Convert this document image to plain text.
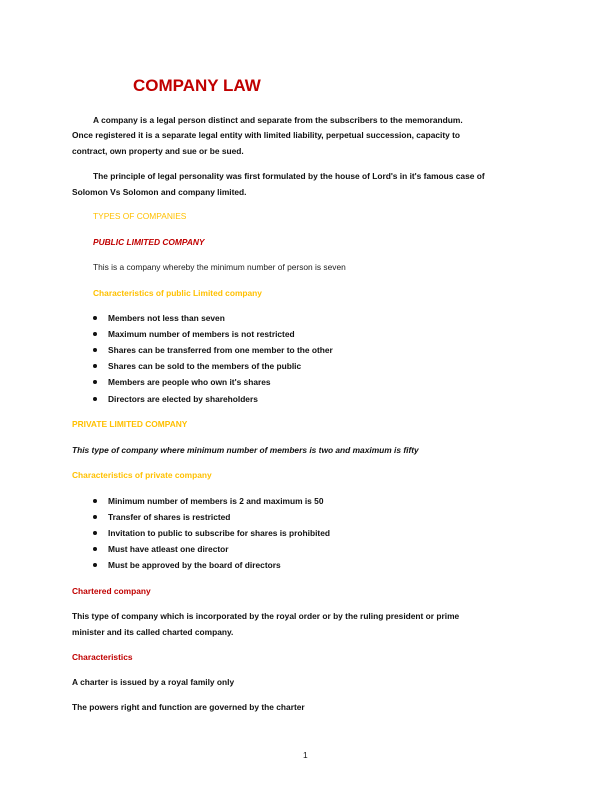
COMPANY LAW
A company is a legal person distinct and separate from the subscribers to the memorandum.
Once registered it is a separate legal entity with limited liability, perpetual succession, capacity to
contract, own property and sue or be sued.
The principle of legal personality was first formulated by the house of Lord's in it's famous case of
Solomon Vs Solomon and company limited.
TYPES OF COMPANIES
PUBLIC LIMITED COMPANY
This is a company whereby the minimum number of person is seven
Characteristics of public Limited company
Members not less than seven
Maximum number of members is not restricted
Shares can be transferred from one member to the other
Shares can be sold to the members of the public
Members are people who own it's shares
Directors are elected by shareholders
PRIVATE LIMITED COMPANY
This type of company where minimum number of members is two and maximum is fifty
Characteristics of private company
Minimum number of members is 2 and maximum is 50
Transfer of shares is restricted
Invitation to public to subscribe for shares is prohibited
Must have atleast one director
Must be approved by the board of directors
Chartered company
This type of company which is incorporated by the royal order or by the ruling president or prime
minister and its called charted company.
Characteristics
A charter is issued by a royal family only
The powers right and function are governed by the charter
1
